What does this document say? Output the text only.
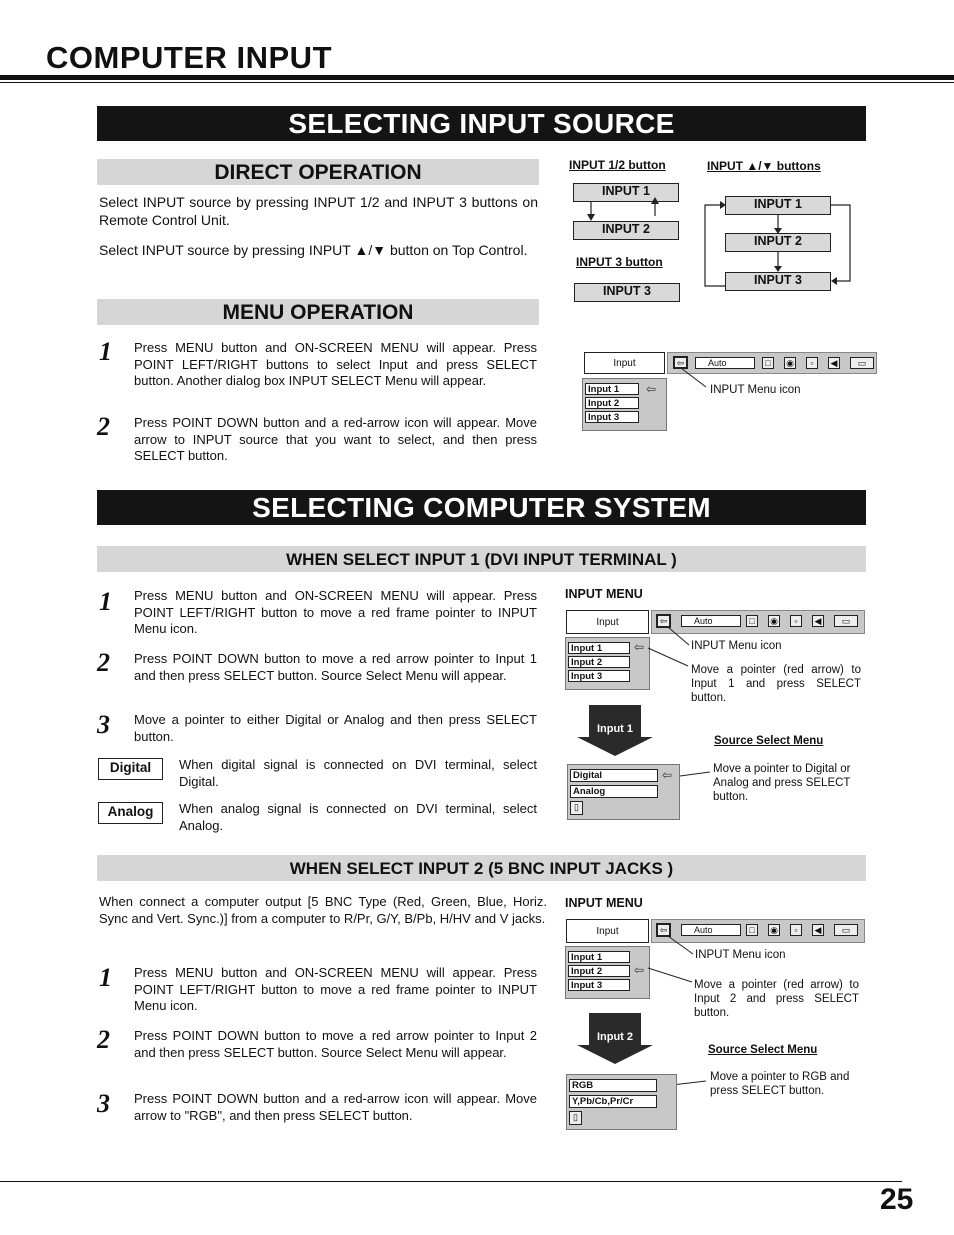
COMPUTER INPUT
SELECTING INPUT SOURCE
DIRECT OPERATION
Select INPUT source by pressing INPUT 1/2 and INPUT 3 buttons on Remote Control Unit.
Select INPUT source by pressing INPUT ▲/▼ button on Top Control.
MENU OPERATION
1 Press MENU button and ON-SCREEN MENU will appear. Press POINT LEFT/RIGHT buttons to select Input and press SELECT button. Another dialog box INPUT SELECT Menu will appear.
2 Press POINT DOWN button and a red-arrow icon will appear. Move arrow to INPUT source that you want to select, and then press SELECT button.
INPUT 1/2 button	INPUT ▲/▼ buttons
INPUT 1
INPUT 2
INPUT 3 button
INPUT 3
INPUT 1
INPUT 2
INPUT 3
Input	⇦	Auto	□	◉	▫	◀	▭
Input 1
Input 2
Input 3
⇦	INPUT Menu icon
SELECTING COMPUTER SYSTEM
WHEN SELECT INPUT 1 (DVI INPUT TERMINAL )
1 Press MENU button and ON-SCREEN MENU will appear. Press POINT LEFT/RIGHT button to move a red frame pointer to INPUT Menu icon.
2 Press POINT DOWN button to move a red arrow pointer to Input 1 and then press SELECT button. Source Select Menu will appear.
3 Move a pointer to either Digital or Analog and then press SELECT button.
Digital	When digital signal is connected on DVI terminal, select Digital.
Analog	When analog signal is connected on DVI terminal, select Analog.
INPUT MENU
Input	⇦	Auto	□	◉	▫	◀	▭
Input 1
Input 2
Input 3
⇦	INPUT Menu icon
Move a pointer (red arrow) to Input 1 and press SELECT button.
Input 1
Source Select Menu
Digital
Analog
⇦
▯
Move a pointer to Digital or Analog and press SELECT button.
WHEN SELECT INPUT 2 (5 BNC INPUT JACKS )
When connect a computer output [5 BNC Type (Red, Green, Blue, Horiz. Sync and Vert. Sync.)] from a computer to R/Pr, G/Y, B/Pb, H/HV and V jacks.
1 Press MENU button and ON-SCREEN MENU will appear. Press POINT LEFT/RIGHT button to move a red frame pointer to INPUT Menu icon.
2 Press POINT DOWN button to move a red arrow pointer to Input 2 and then press SELECT button. Source Select Menu will appear.
3 Press POINT DOWN button and a red-arrow icon will appear. Move arrow to "RGB", and then press SELECT button.
INPUT MENU
Input	⇦	Auto	□	◉	▫	◀	▭
Input 1
Input 2
Input 3
⇦
INPUT Menu icon
Move a pointer (red arrow) to Input 2 and press SELECT button.
Input 2
Source Select Menu
RGB
Y,Pb/Cb,Pr/Cr
▯
Move a pointer to RGB and press SELECT button.
25
